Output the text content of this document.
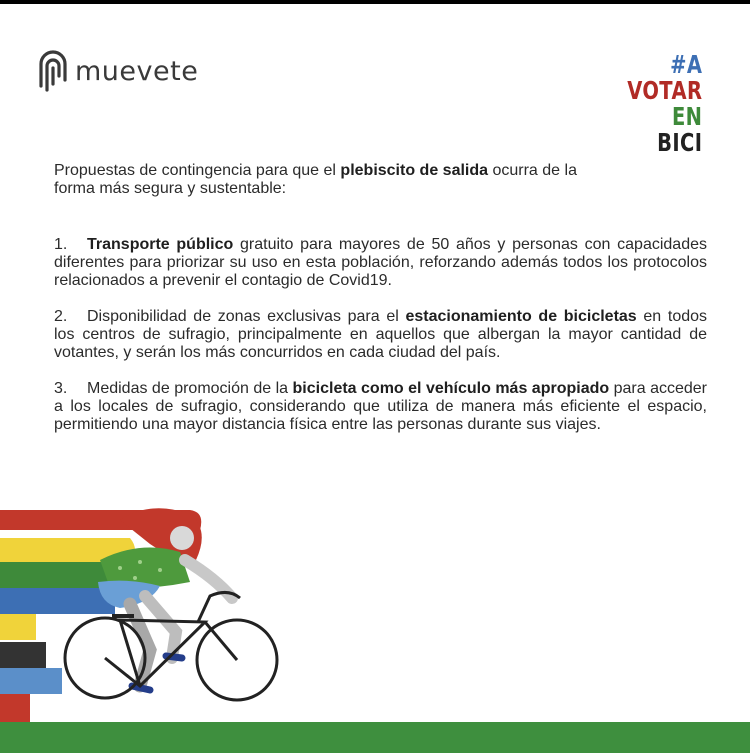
muevete	#A
VOTAR
EN
BICI
Propuestas de contingencia para que el plebiscito de salida ocurra de la forma más segura y sustentable:
1. Transporte público gratuito para mayores de 50 años y personas con capacidades diferentes para priorizar su uso en esta población, reforzando además todos los protocolos relacionados a prevenir el contagio de Covid19.
2. Disponibilidad de zonas exclusivas para el estacionamiento de bicicletas en todos los centros de sufragio, principalmente en aquellos que albergan la mayor cantidad de votantes, y serán los más concurridos en cada ciudad del país.
3. Medidas de promoción de la bicicleta como el vehículo más apropiado para acceder a los locales de sufragio, considerando que utiliza de manera más eficiente el espacio, permitiendo una mayor distancia física entre las personas durante sus viajes.
